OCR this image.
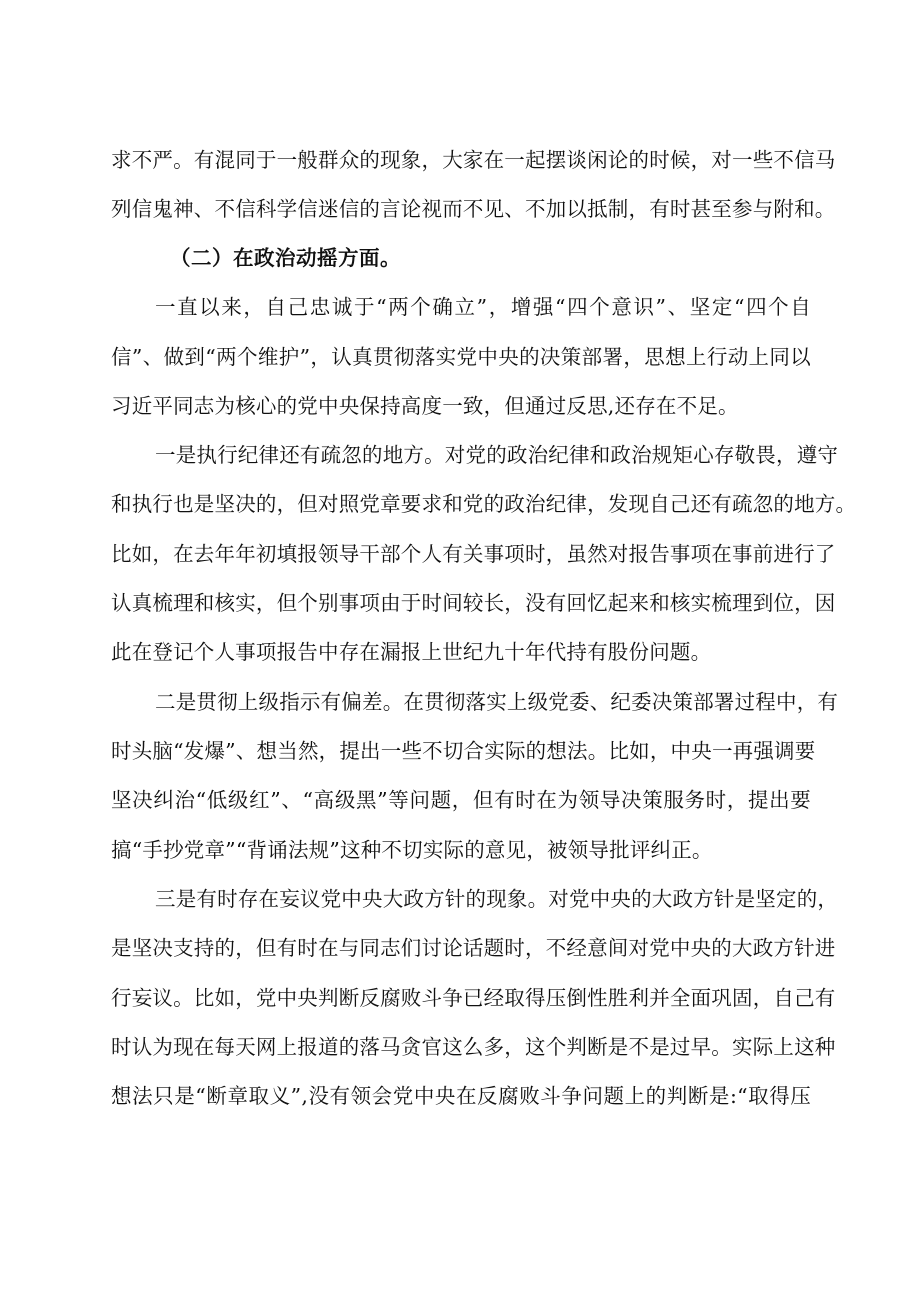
求不严。有混同于一般群众的现象，大家在一起摆谈闲论的时候，对一些不信马
列信鬼神、不信科学信迷信的言论视而不见、不加以抵制，有时甚至参与附和。
（二）在政治动摇方面。
一直以来，自己忠诚于“两个确立”，增强“四个意识”、坚定“四个自
信”、做到“两个维护”，认真贯彻落实党中央的决策部署，思想上行动上同以
习近平同志为核心的党中央保持高度一致，但通过反思,还存在不足。
一是执行纪律还有疏忽的地方。对党的政治纪律和政治规矩心存敬畏，遵守
和执行也是坚决的，但对照党章要求和党的政治纪律，发现自己还有疏忽的地方。
比如，在去年年初填报领导干部个人有关事项时，虽然对报告事项在事前进行了
认真梳理和核实，但个别事项由于时间较长，没有回忆起来和核实梳理到位，因
此在登记个人事项报告中存在漏报上世纪九十年代持有股份问题。
二是贯彻上级指示有偏差。在贯彻落实上级党委、纪委决策部署过程中，有
时头脑“发爆”、想当然，提出一些不切合实际的想法。比如，中央一再强调要
坚决纠治“低级红”、“高级黑”等问题，但有时在为领导决策服务时，提出要
搞“手抄党章”“背诵法规”这种不切实际的意见，被领导批评纠正。
三是有时存在妄议党中央大政方针的现象。对党中央的大政方针是坚定的，
是坚决支持的，但有时在与同志们讨论话题时，不经意间对党中央的大政方针进
行妄议。比如，党中央判断反腐败斗争已经取得压倒性胜利并全面巩固，自己有
时认为现在每天网上报道的落马贪官这么多，这个判断是不是过早。实际上这种
想法只是“断章取义”,没有领会党中央在反腐败斗争问题上的判断是:“取得压
